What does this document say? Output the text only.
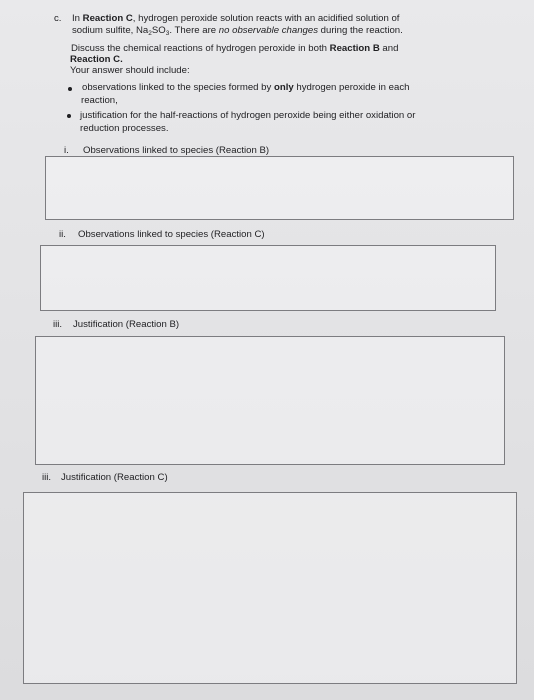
c. In Reaction C, hydrogen peroxide solution reacts with an acidified solution of
sodium sulfite, $Na_2SO_3$. There are no observable changes during the reaction.
Discuss the chemical reactions of hydrogen peroxide in both Reaction B and
Reaction C.
Your answer should include:
observations linked to the species formed by only hydrogen peroxide in each
reaction,
justification for the half-reactions of hydrogen peroxide being either oxidation or
reduction processes.
i. Observations linked to species (Reaction B)
ii. Observations linked to species (Reaction C)
iii. Justification (Reaction B)
iii. Justification (Reaction C)
